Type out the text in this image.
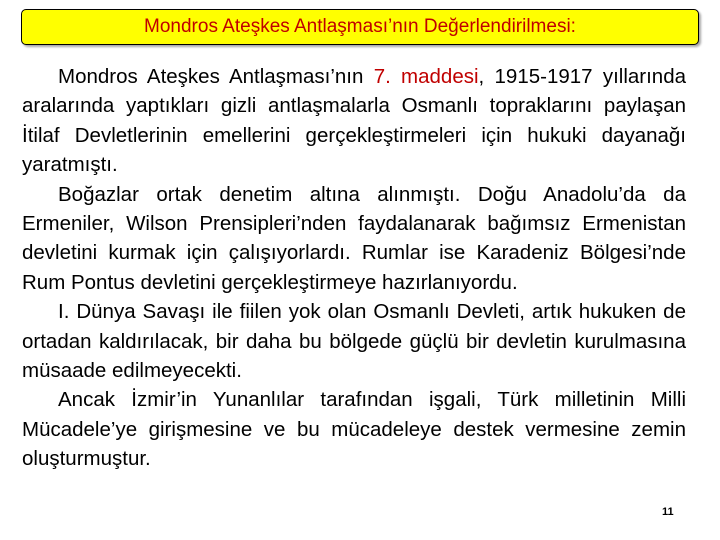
Mondros Ateşkes Antlaşması’nın Değerlendirilmesi:

Mondros Ateşkes Antlaşması’nın 7. maddesi, 1915-1917 yıllarında aralarında yaptıkları gizli antlaşmalarla Osmanlı topraklarını paylaşan İtilaf Devletlerinin emellerini gerçekleştirmeleri için hukuki dayanağı yaratmıştı.

Boğazlar ortak denetim altına alınmıştı. Doğu Anadolu’da da Ermeniler, Wilson Prensipleri’nden faydalanarak bağımsız Ermenistan devletini kurmak için çalışıyorlardı. Rumlar ise Karadeniz Bölgesi’nde Rum Pontus devletini gerçekleştirmeye hazırlanıyordu.

I. Dünya Savaşı ile fiilen yok olan Osmanlı Devleti, artık hukuken de ortadan kaldırılacak, bir daha bu bölgede güçlü bir devletin kurulmasına müsaade edilmeyecekti.

Ancak İzmir’in Yunanlılar tarafından işgali, Türk milletinin Milli Mücadele’ye girişmesine ve bu mücadeleye destek vermesine zemin oluşturmuştur.

11
